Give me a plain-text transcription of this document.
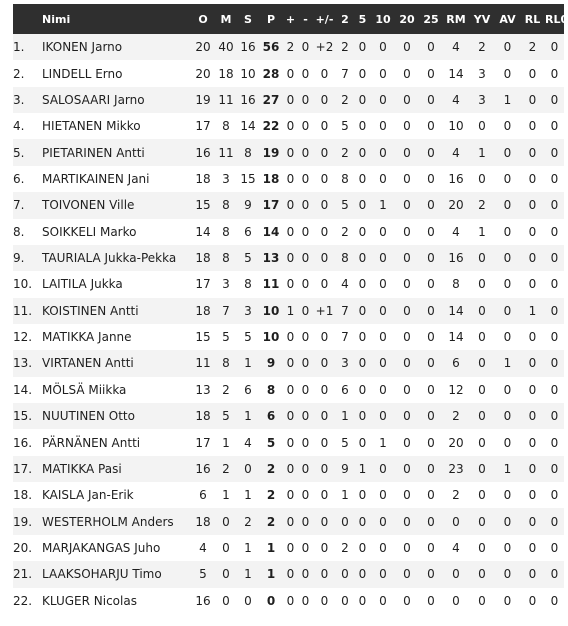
	Nimi	O	M	S	P	+	-	+/-	2	5	10	20	25	RM	YV	AV	RL	RL0
1.	IKONEN Jarno	20	40	16	56	2	0	+2	2	0	0	0	0	4	2	0	2	0
2.	LINDELL Erno	20	18	10	28	0	0	0	7	0	0	0	0	14	3	0	0	0
3.	SALOSAARI Jarno	19	11	16	27	0	0	0	2	0	0	0	0	4	3	1	0	0
4.	HIETANEN Mikko	17	8	14	22	0	0	0	5	0	0	0	0	10	0	0	0	0
5.	PIETARINEN Antti	16	11	8	19	0	0	0	2	0	0	0	0	4	1	0	0	0
6.	MARTIKAINEN Jani	18	3	15	18	0	0	0	8	0	0	0	0	16	0	0	0	0
7.	TOIVONEN Ville	15	8	9	17	0	0	0	5	0	1	0	0	20	2	0	0	0
8.	SOIKKELI Marko	14	8	6	14	0	0	0	2	0	0	0	0	4	1	0	0	0
9.	TAURIALA Jukka-Pekka	18	8	5	13	0	0	0	8	0	0	0	0	16	0	0	0	0
10.	LAITILA Jukka	17	3	8	11	0	0	0	4	0	0	0	0	8	0	0	0	0
11.	KOISTINEN Antti	18	7	3	10	1	0	+1	7	0	0	0	0	14	0	0	1	0
12.	MATIKKA Janne	15	5	5	10	0	0	0	7	0	0	0	0	14	0	0	0	0
13.	VIRTANEN Antti	11	8	1	9	0	0	0	3	0	0	0	0	6	0	1	0	0
14.	MÖLSÄ Miikka	13	2	6	8	0	0	0	6	0	0	0	0	12	0	0	0	0
15.	NUUTINEN Otto	18	5	1	6	0	0	0	1	0	0	0	0	2	0	0	0	0
16.	PÄRNÄNEN Antti	17	1	4	5	0	0	0	5	0	1	0	0	20	0	0	0	0
17.	MATIKKA Pasi	16	2	0	2	0	0	0	9	1	0	0	0	23	0	1	0	0
18.	KAISLA Jan-Erik	6	1	1	2	0	0	0	1	0	0	0	0	2	0	0	0	0
19.	WESTERHOLM Anders	18	0	2	2	0	0	0	0	0	0	0	0	0	0	0	0	0
20.	MARJAKANGAS Juho	4	0	1	1	0	0	0	2	0	0	0	0	4	0	0	0	0
21.	LAAKSOHARJU Timo	5	0	1	1	0	0	0	0	0	0	0	0	0	0	0	0	0
22.	KLUGER Nicolas	16	0	0	0	0	0	0	0	0	0	0	0	0	0	0	0	0
